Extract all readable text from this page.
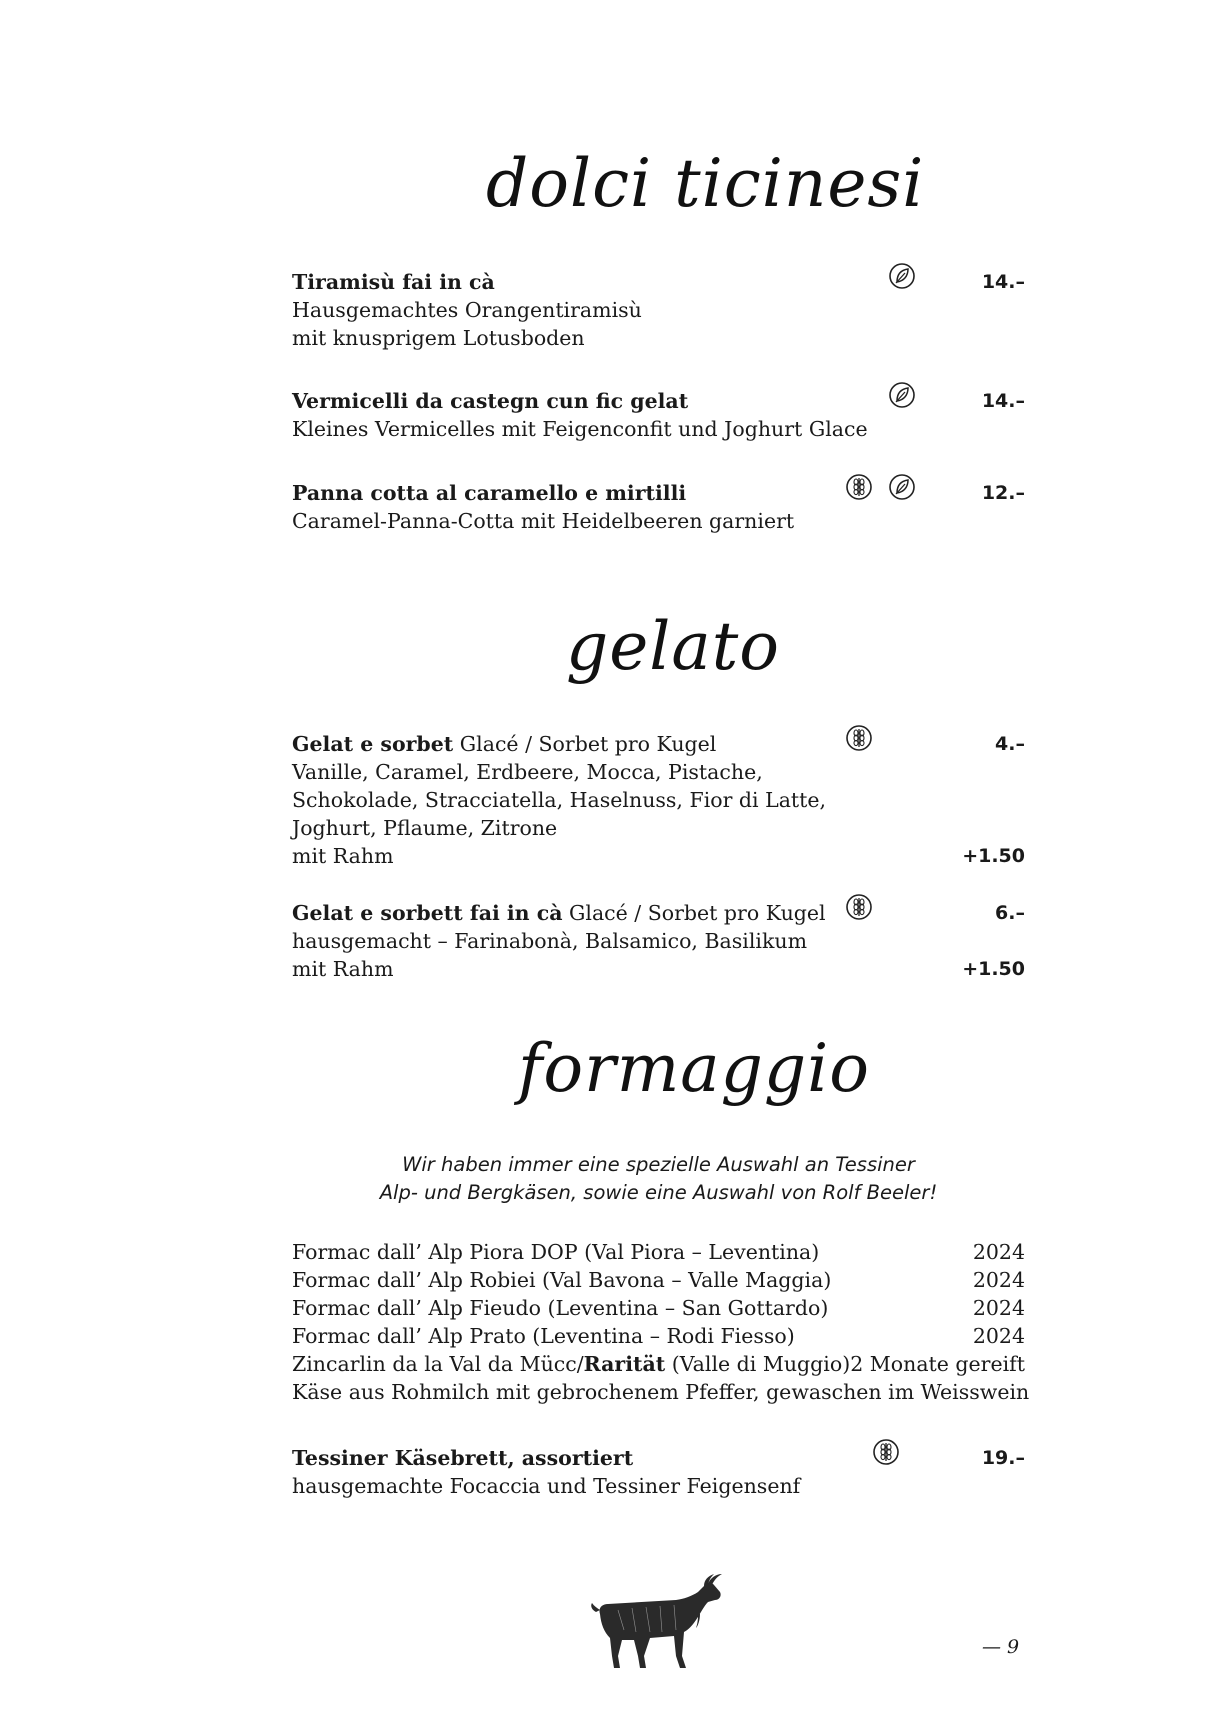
dolci ticinesi
Tiramisù fai in cà	14.–
Hausgemachtes Orangentiramisù
mit knusprigem Lotusboden
Vermicelli da castegn cun fic gelat	14.–
Kleines Vermicelles mit Feigenconfit und Joghurt Glace
Panna cotta al caramello e mirtilli	12.–
Caramel-Panna-Cotta mit Heidelbeeren garniert
gelato
Gelat e sorbet Glacé / Sorbet pro Kugel	4.–
Vanille, Caramel, Erdbeere, Mocca, Pistache,
Schokolade, Stracciatella, Haselnuss, Fior di Latte,
Joghurt, Pflaume, Zitrone
mit Rahm	+1.50
Gelat e sorbett fai in cà Glacé / Sorbet pro Kugel	6.–
hausgemacht – Farinabonà, Balsamico, Basilikum
mit Rahm	+1.50
formaggio
Wir haben immer eine spezielle Auswahl an Tessiner
Alp- und Bergkäsen, sowie eine Auswahl von Rolf Beeler!
Formac dall’ Alp Piora DOP (Val Piora – Leventina)	2024
Formac dall’ Alp Robiei (Val Bavona – Valle Maggia)	2024
Formac dall’ Alp Fieudo (Leventina – San Gottardo)	2024
Formac dall’ Alp Prato (Leventina – Rodi Fiesso)	2024
Zincarlin da la Val da Mücc/Rarität (Valle di Muggio) 2 Monate gereift
Käse aus Rohmilch mit gebrochenem Pfeffer, gewaschen im Weisswein
Tessiner Käsebrett, assortiert	19.–
hausgemachte Focaccia und Tessiner Feigensenf
— 9
